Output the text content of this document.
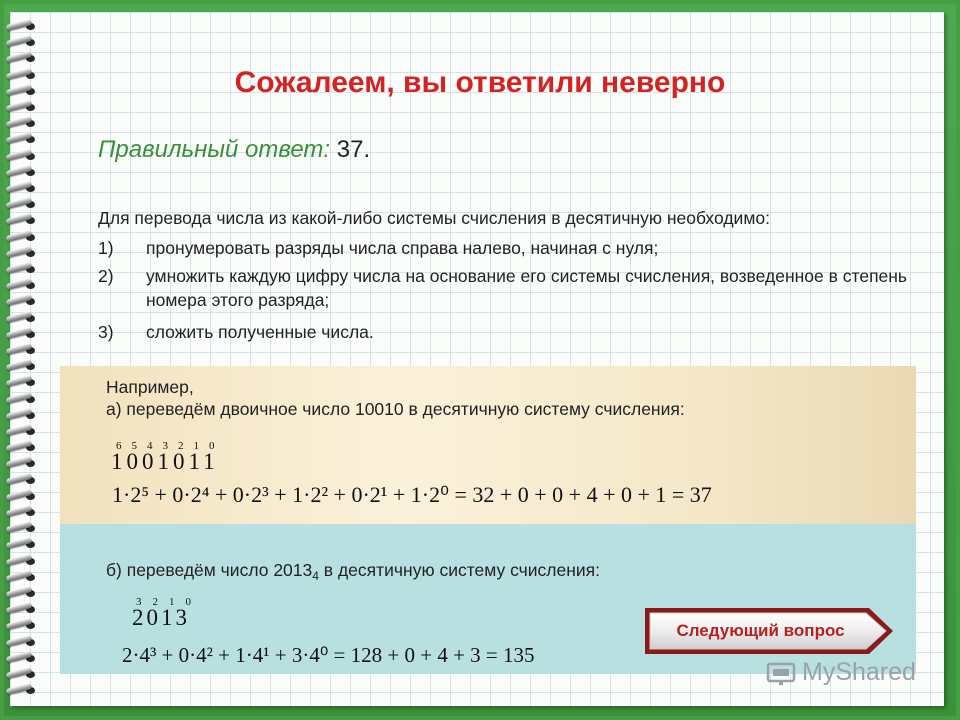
Сожалеем, вы ответили неверно
Правильный ответ: 37.
Для перевода числа из какой-либо системы счисления в десятичную необходимо:
1) пронумеровать разряды числа справа налево, начиная с нуля;
2) умножить каждую цифру числа на основание его системы счисления, возведенное в степень номера этого разряда;
3) сложить полученные числа.
Например,
а) переведём двоичное число 10010 в десятичную систему счисления:
6543210
1001011
1·2⁵ + 0·2⁴ + 0·2³ + 1·2² + 0·2¹ + 1·2⁰ = 32 + 0 + 0 + 4 + 0 + 1 = 37
б) переведём число $2013_4$ в десятичную систему счисления:
3210
2013
2·4³ + 0·4² + 1·4¹ + 3·4⁰ = 128 + 0 + 4 + 3 = 135
Следующий вопрос
MyShared
